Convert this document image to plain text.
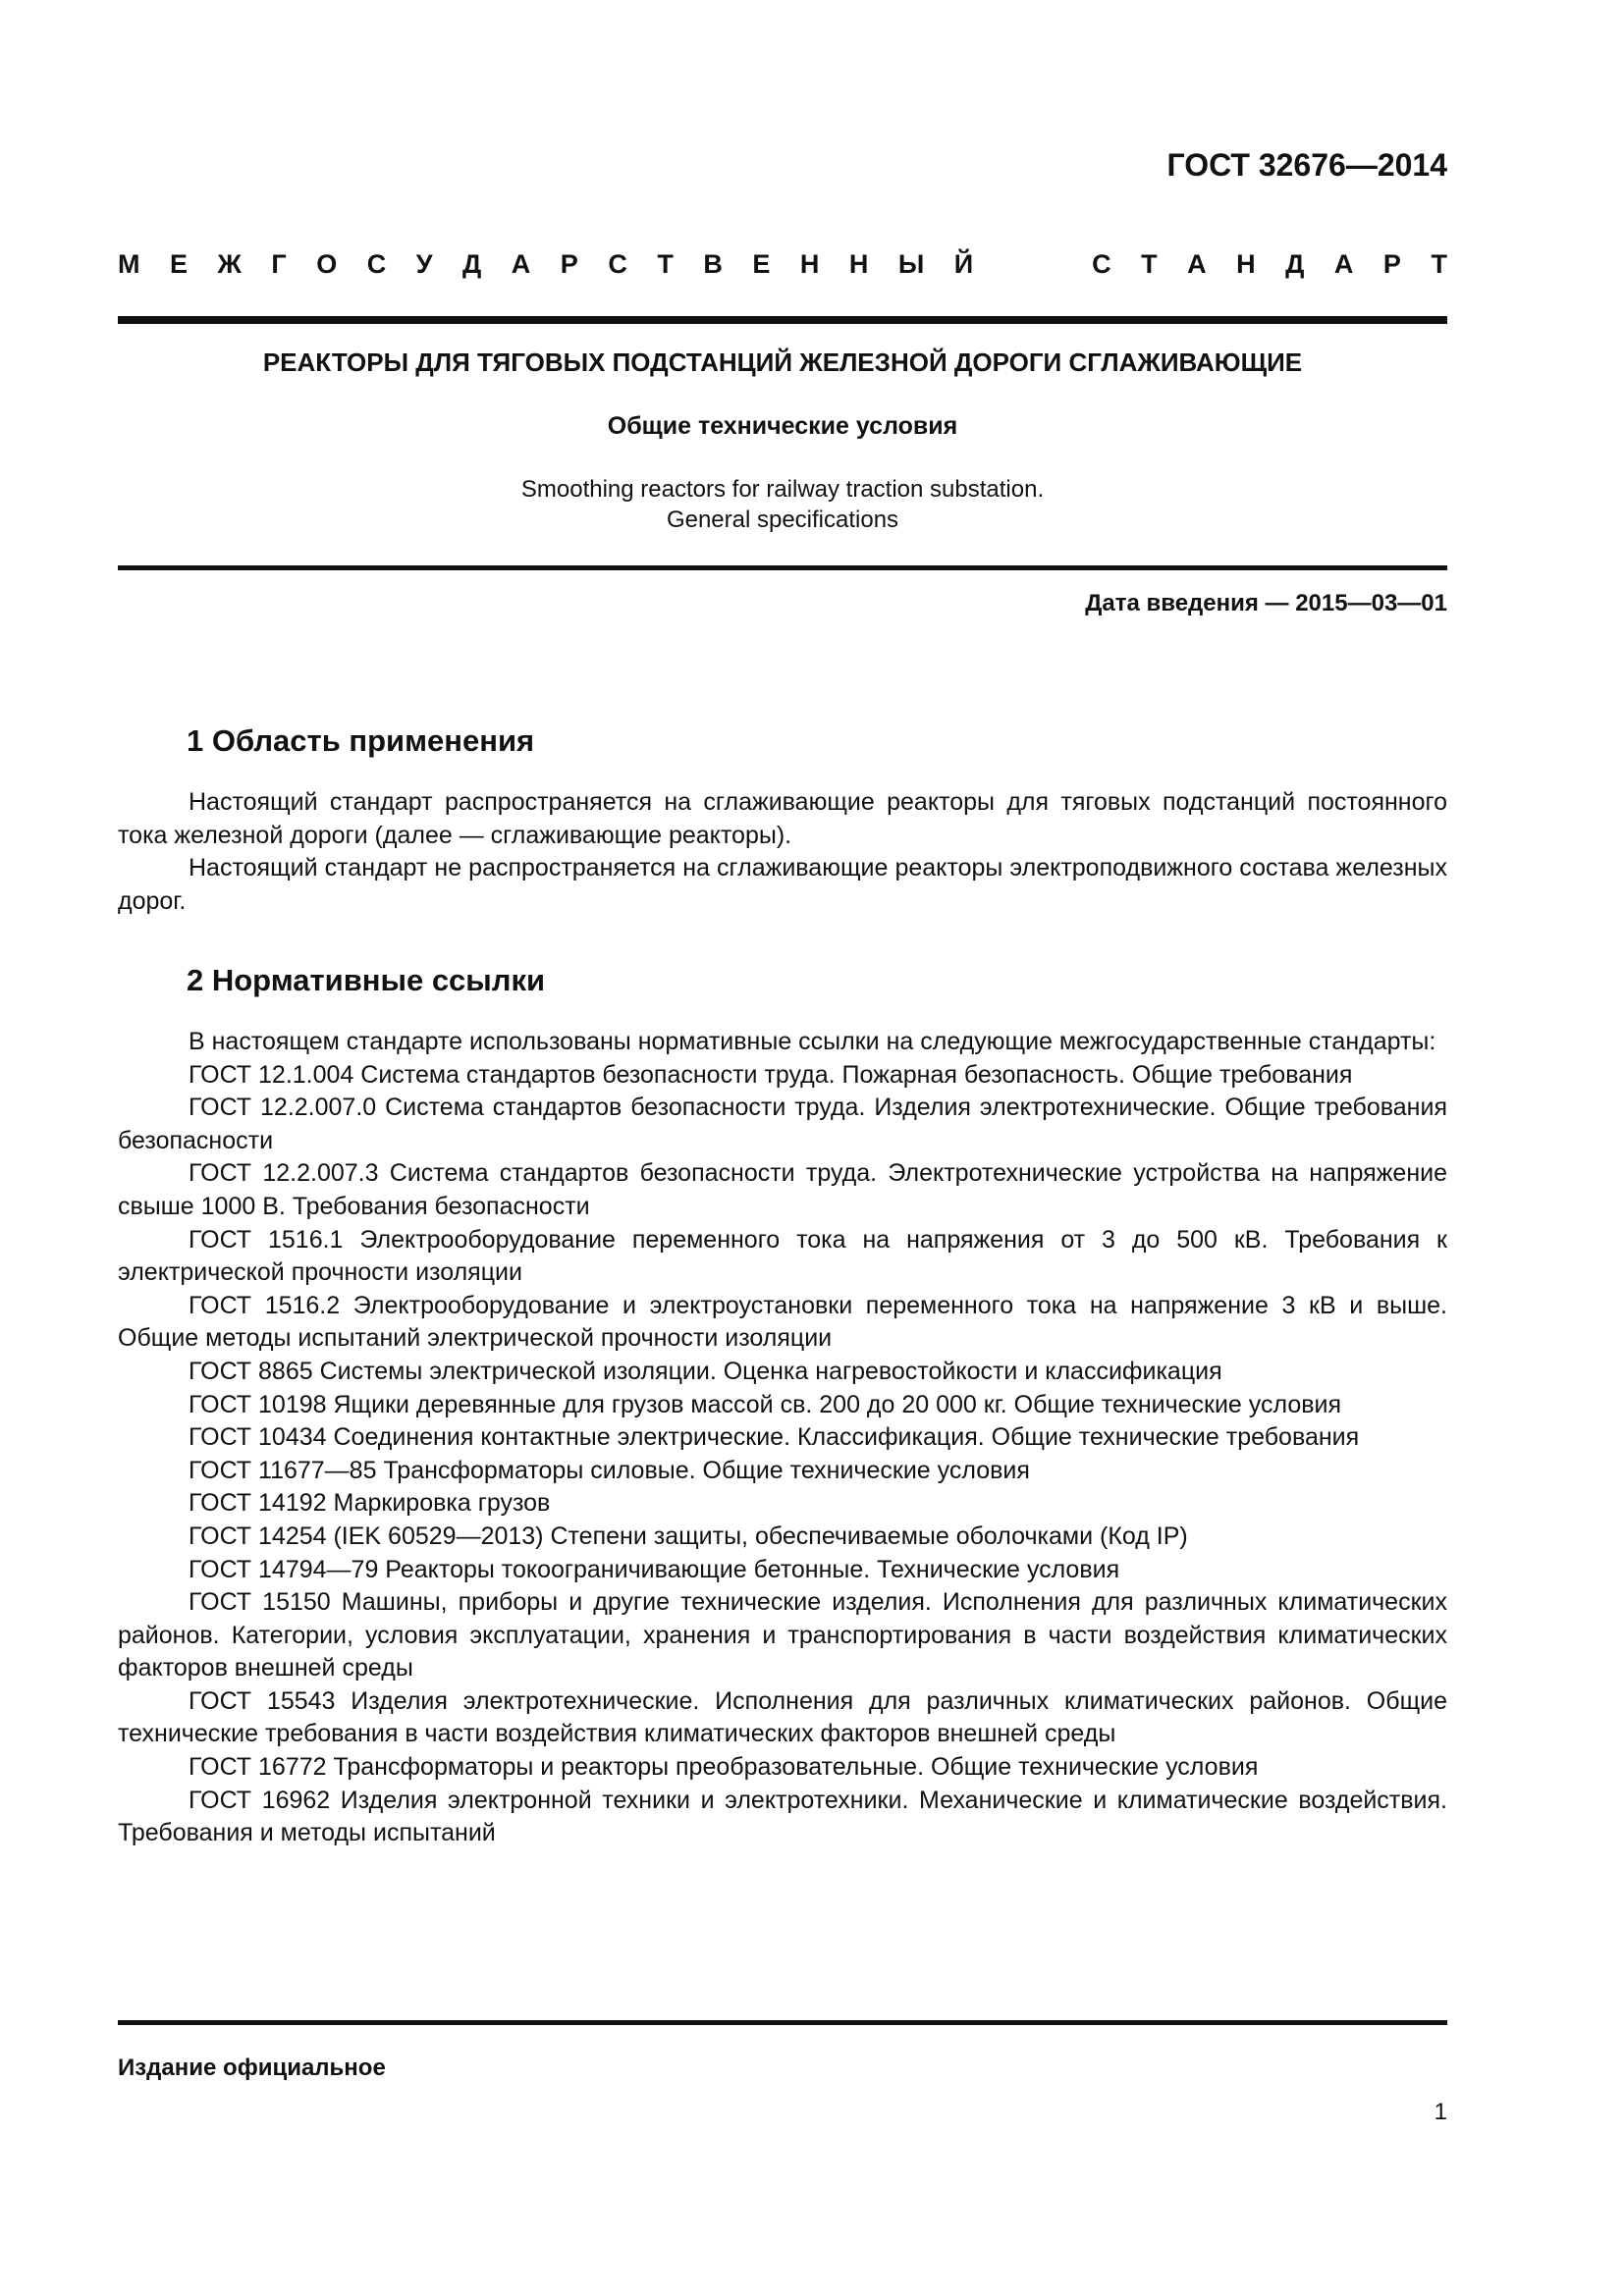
ГОСТ 32676—2014
М Е Ж Г О С У Д А Р С Т В Е Н Н Ы Й	С Т А Н Д А Р Т
РЕАКТОРЫ ДЛЯ ТЯГОВЫХ ПОДСТАНЦИЙ ЖЕЛЕЗНОЙ ДОРОГИ СГЛАЖИВАЮЩИЕ
Общие технические условия
Smoothing reactors for railway traction substation.
General specifications
Дата введения — 2015—03—01
1 Область применения

Настоящий стандарт распространяется на сглаживающие реакторы для тяговых подстанций постоянного тока железной дороги (далее — сглаживающие реакторы).

Настоящий стандарт не распространяется на сглаживающие реакторы электроподвижного состава железных дорог.

2 Нормативные ссылки

В настоящем стандарте использованы нормативные ссылки на следующие межгосударственные стандарты:

ГОСТ 12.1.004 Система стандартов безопасности труда. Пожарная безопасность. Общие требования

ГОСТ 12.2.007.0 Система стандартов безопасности труда. Изделия электротехнические. Общие требования безопасности

ГОСТ 12.2.007.3 Система стандартов безопасности труда. Электротехнические устройства на напряжение свыше 1000 В. Требования безопасности

ГОСТ 1516.1 Электрооборудование переменного тока на напряжения от 3 до 500 кВ. Требования к электрической прочности изоляции

ГОСТ 1516.2 Электрооборудование и электроустановки переменного тока на напряжение 3 кВ и выше. Общие методы испытаний электрической прочности изоляции

ГОСТ 8865 Системы электрической изоляции. Оценка нагревостойкости и классификация

ГОСТ 10198 Ящики деревянные для грузов массой св. 200 до 20 000 кг. Общие технические условия

ГОСТ 10434 Соединения контактные электрические. Классификация. Общие технические требования

ГОСТ 11677—85 Трансформаторы силовые. Общие технические условия

ГОСТ 14192 Маркировка грузов

ГОСТ 14254 (IEK 60529—2013) Степени защиты, обеспечиваемые оболочками (Код IP)

ГОСТ 14794—79 Реакторы токоограничивающие бетонные. Технические условия

ГОСТ 15150 Машины, приборы и другие технические изделия. Исполнения для различных климатических районов. Категории, условия эксплуатации, хранения и транспортирования в части воздействия климатических факторов внешней среды

ГОСТ 15543 Изделия электротехнические. Исполнения для различных климатических районов. Общие технические требования в части воздействия климатических факторов внешней среды

ГОСТ 16772 Трансформаторы и реакторы преобразовательные. Общие технические условия

ГОСТ 16962 Изделия электронной техники и электротехники. Механические и климатические воздействия. Требования и методы испытаний

Издание официальное
1
